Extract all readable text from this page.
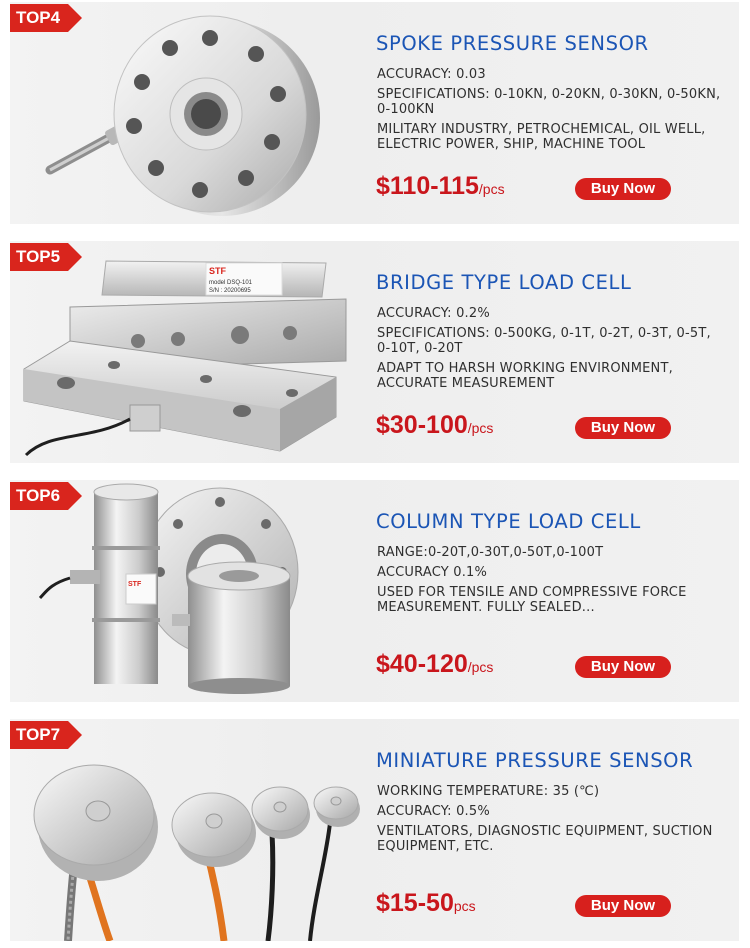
TOP4
SPOKE PRESSURE SENSOR
ACCURACY: 0.03
SPECIFICATIONS: 0-10KN, 0-20KN, 0-30KN, 0-50KN, 0-100KN
MILITARY INDUSTRY, PETROCHEMICAL, OIL WELL, ELECTRIC POWER, SHIP, MACHINE TOOL
$110-115/pcs	Buy Now
TOP5
STF
model DSQ-101
S/N : 20200695	BRIDGE TYPE LOAD CELL
ACCURACY: 0.2%
SPECIFICATIONS: 0-500KG, 0-1T, 0-2T, 0-3T, 0-5T, 0-10T, 0-20T
ADAPT TO HARSH WORKING ENVIRONMENT, ACCURATE MEASUREMENT
$30-100/pcs	Buy Now
TOP6
STF
COLUMN TYPE LOAD CELL
RANGE:0-20T,0-30T,0-50T,0-100T
ACCURACY 0.1%
USED FOR TENSILE AND COMPRESSIVE FORCE MEASUREMENT. FULLY SEALED...
$40-120/pcs	Buy Now
TOP7
MINIATURE PRESSURE SENSOR
WORKING TEMPERATURE: 35 (℃)
ACCURACY: 0.5%
VENTILATORS, DIAGNOSTIC EQUIPMENT, SUCTION EQUIPMENT, ETC.
$15-50pcs	Buy Now
